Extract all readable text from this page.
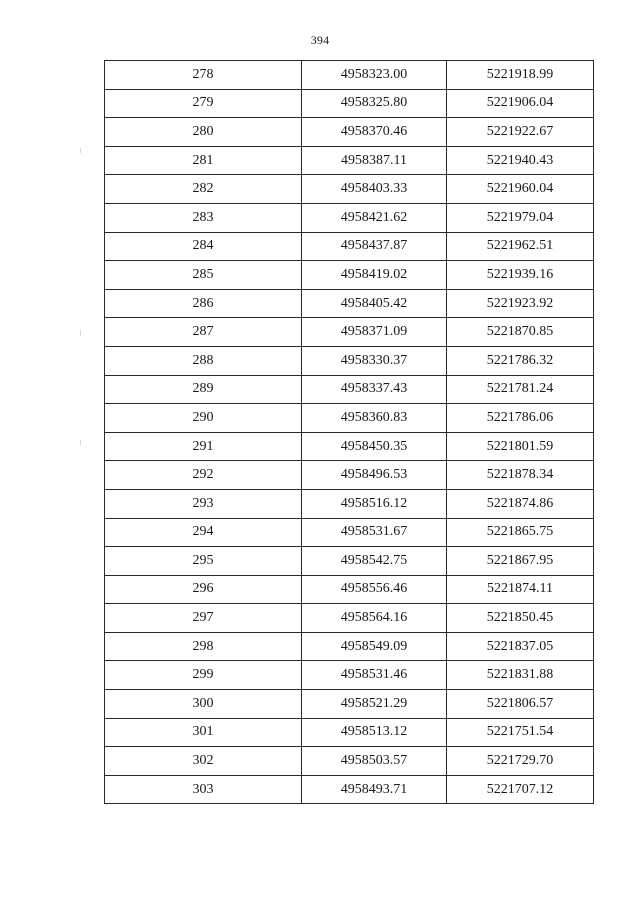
394
278	4958323.00	5221918.99
279	4958325.80	5221906.04
280	4958370.46	5221922.67
281	4958387.11	5221940.43
282	4958403.33	5221960.04
283	4958421.62	5221979.04
284	4958437.87	5221962.51
285	4958419.02	5221939.16
286	4958405.42	5221923.92
287	4958371.09	5221870.85
288	4958330.37	5221786.32
289	4958337.43	5221781.24
290	4958360.83	5221786.06
291	4958450.35	5221801.59
292	4958496.53	5221878.34
293	4958516.12	5221874.86
294	4958531.67	5221865.75
295	4958542.75	5221867.95
296	4958556.46	5221874.11
297	4958564.16	5221850.45
298	4958549.09	5221837.05
299	4958531.46	5221831.88
300	4958521.29	5221806.57
301	4958513.12	5221751.54
302	4958503.57	5221729.70
303	4958493.71	5221707.12
